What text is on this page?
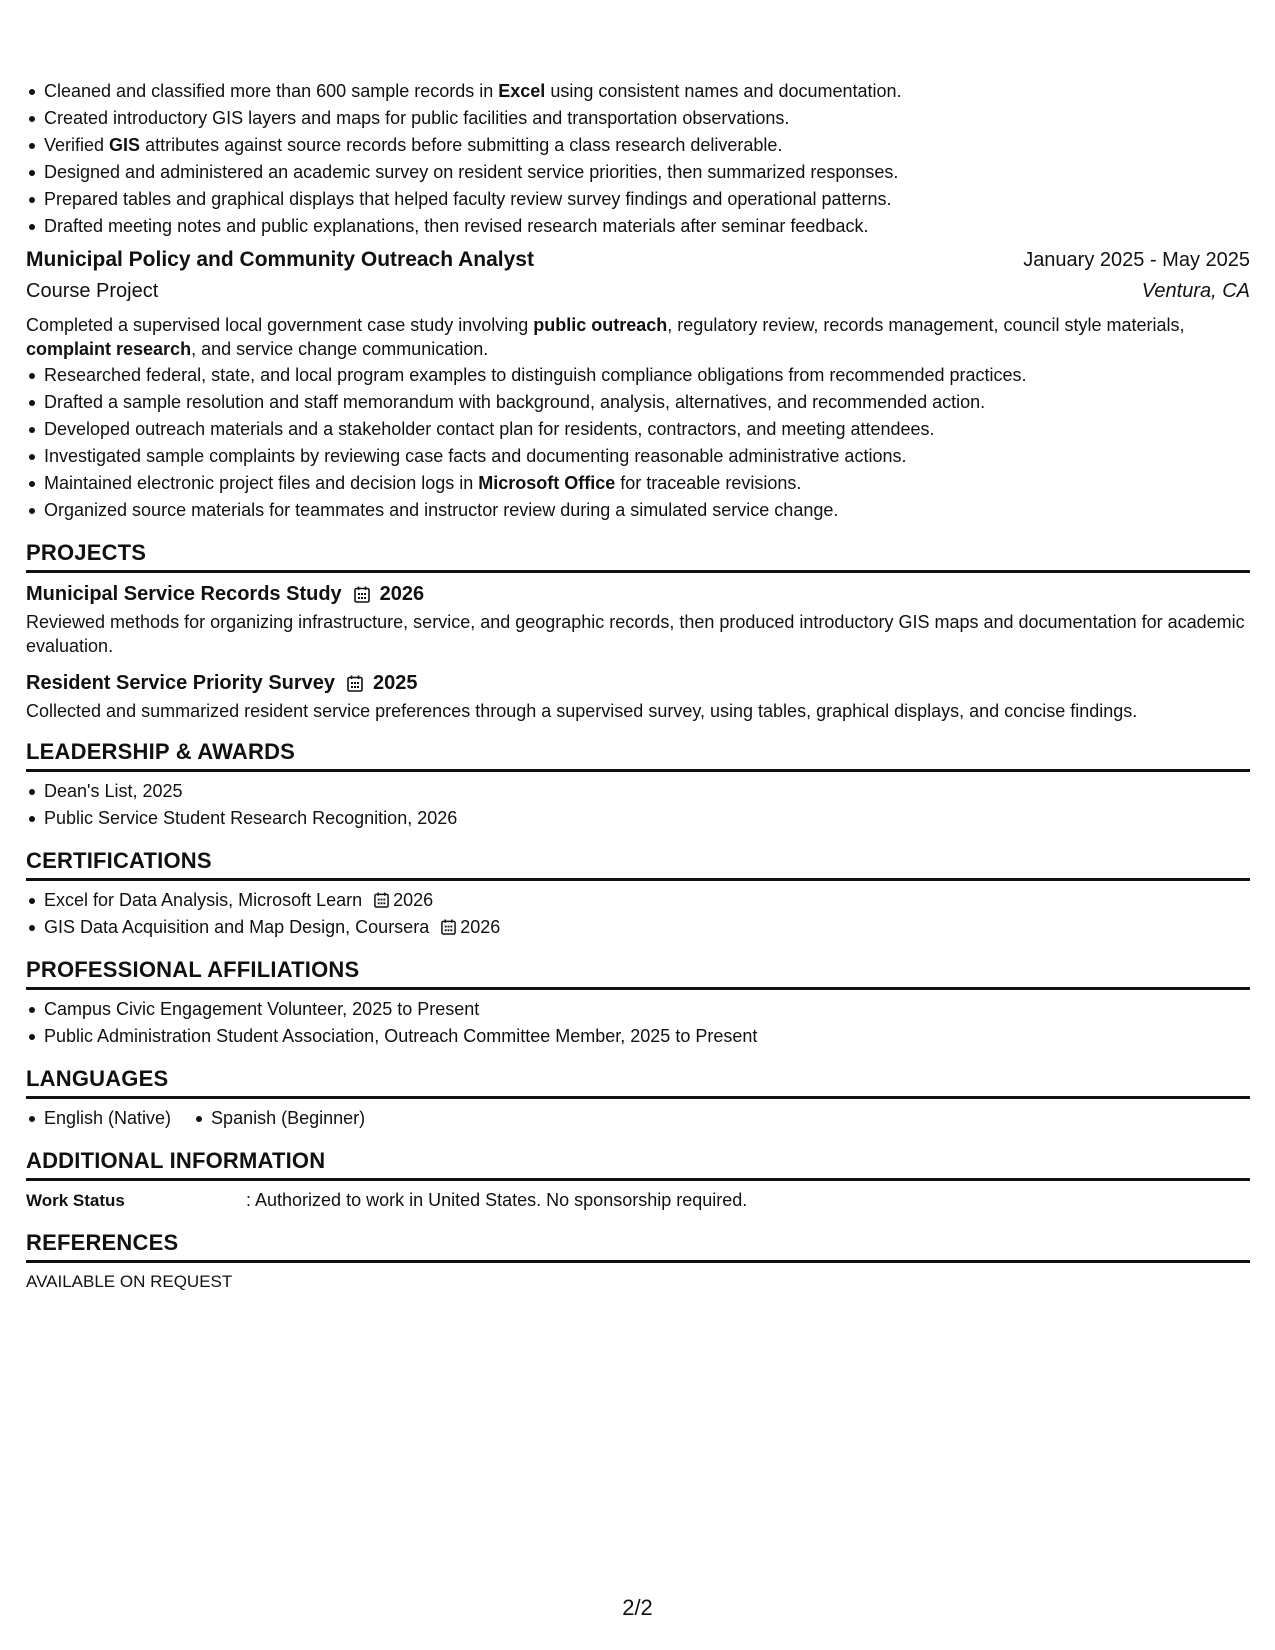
Cleaned and classified more than 600 sample records in Excel using consistent names and documentation.
Created introductory GIS layers and maps for public facilities and transportation observations.
Verified GIS attributes against source records before submitting a class research deliverable.
Designed and administered an academic survey on resident service priorities, then summarized responses.
Prepared tables and graphical displays that helped faculty review survey findings and operational patterns.
Drafted meeting notes and public explanations, then revised research materials after seminar feedback.
Municipal Policy and Community Outreach Analyst	January 2025 - May 2025
Course Project	Ventura, CA
Completed a supervised local government case study involving public outreach, regulatory review, records management, council style materials, complaint research, and service change communication.
Researched federal, state, and local program examples to distinguish compliance obligations from recommended practices.
Drafted a sample resolution and staff memorandum with background, analysis, alternatives, and recommended action.
Developed outreach materials and a stakeholder contact plan for residents, contractors, and meeting attendees.
Investigated sample complaints by reviewing case facts and documenting reasonable administrative actions.
Maintained electronic project files and decision logs in Microsoft Office for traceable revisions.
Organized source materials for teammates and instructor review during a simulated service change.
PROJECTS
Municipal Service Records Study 2026
Reviewed methods for organizing infrastructure, service, and geographic records, then produced introductory GIS maps and documentation for academic evaluation.
Resident Service Priority Survey 2025
Collected and summarized resident service preferences through a supervised survey, using tables, graphical displays, and concise findings.
LEADERSHIP & AWARDS
Dean's List, 2025
Public Service Student Research Recognition, 2026
CERTIFICATIONS
Excel for Data Analysis, Microsoft Learn 2026
GIS Data Acquisition and Map Design, Coursera 2026
PROFESSIONAL AFFILIATIONS
Campus Civic Engagement Volunteer, 2025 to Present
Public Administration Student Association, Outreach Committee Member, 2025 to Present
LANGUAGES
English (Native)	Spanish (Beginner)
ADDITIONAL INFORMATION
Work Status	: Authorized to work in United States. No sponsorship required.
REFERENCES
AVAILABLE ON REQUEST
2/2
